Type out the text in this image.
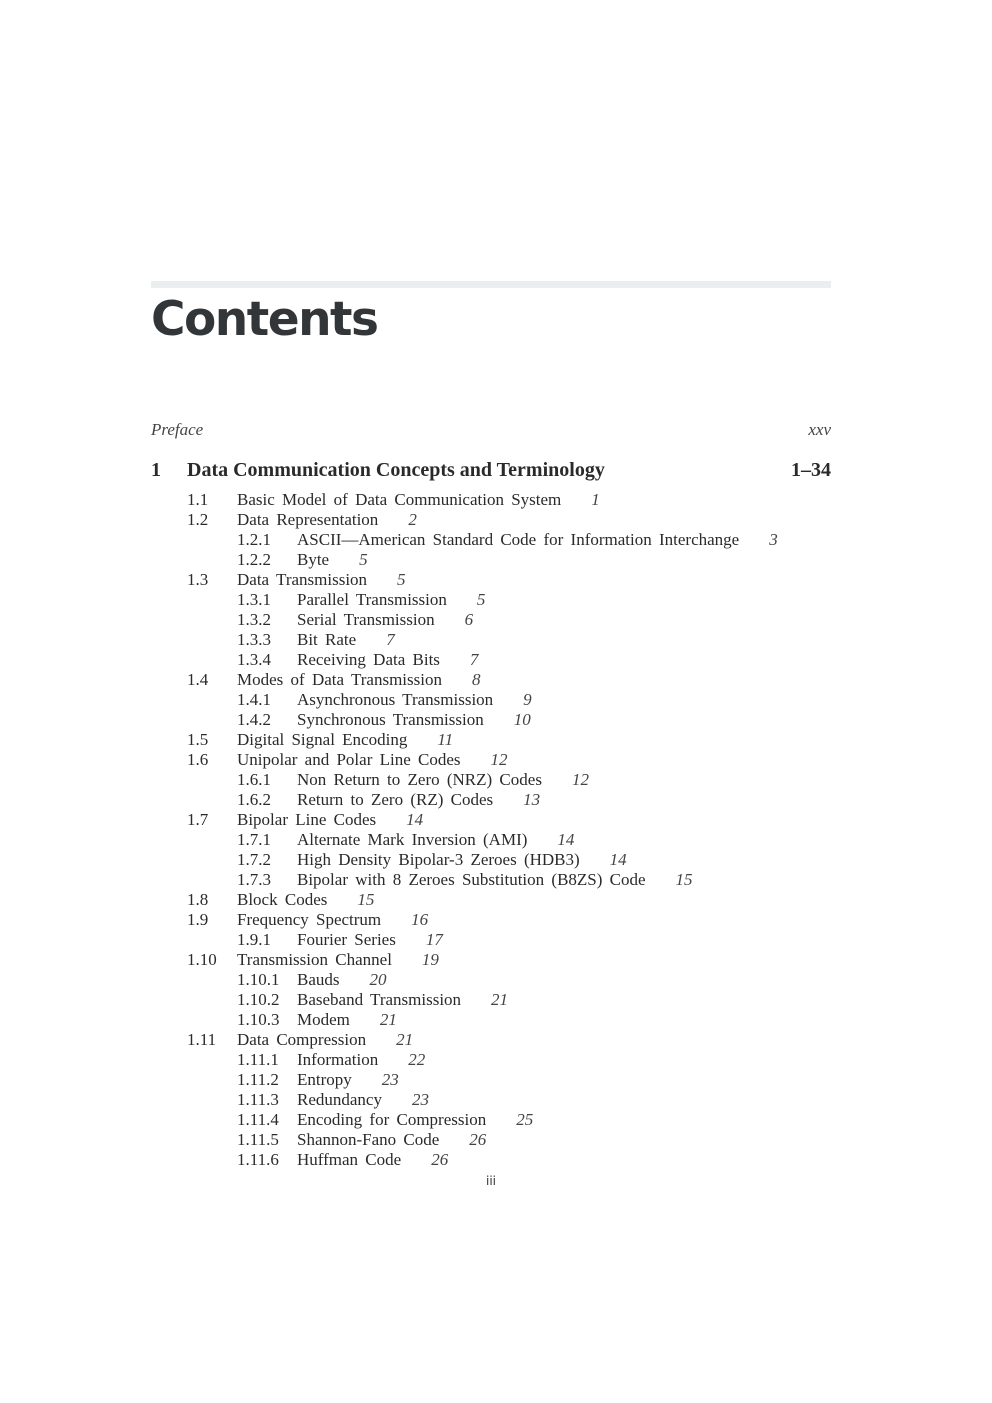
Contents
Preface	xxv
1 Data Communication Concepts and Terminology	1–34
1.1 Basic Model of Data Communication System 1
1.2 Data Representation 2
1.2.1 ASCII—American Standard Code for Information Interchange 3
1.2.2 Byte 5
1.3 Data Transmission 5
1.3.1 Parallel Transmission 5
1.3.2 Serial Transmission 6
1.3.3 Bit Rate 7
1.3.4 Receiving Data Bits 7
1.4 Modes of Data Transmission 8
1.4.1 Asynchronous Transmission 9
1.4.2 Synchronous Transmission 10
1.5 Digital Signal Encoding 11
1.6 Unipolar and Polar Line Codes 12
1.6.1 Non Return to Zero (NRZ) Codes 12
1.6.2 Return to Zero (RZ) Codes 13
1.7 Bipolar Line Codes 14
1.7.1 Alternate Mark Inversion (AMI) 14
1.7.2 High Density Bipolar-3 Zeroes (HDB3) 14
1.7.3 Bipolar with 8 Zeroes Substitution (B8ZS) Code 15
1.8 Block Codes 15
1.9 Frequency Spectrum 16
1.9.1 Fourier Series 17
1.10 Transmission Channel 19
1.10.1 Bauds 20
1.10.2 Baseband Transmission 21
1.10.3 Modem 21
1.11 Data Compression 21
1.11.1 Information 22
1.11.2 Entropy 23
1.11.3 Redundancy 23
1.11.4 Encoding for Compression 25
1.11.5 Shannon-Fano Code 26
1.11.6 Huffman Code 26
iii
